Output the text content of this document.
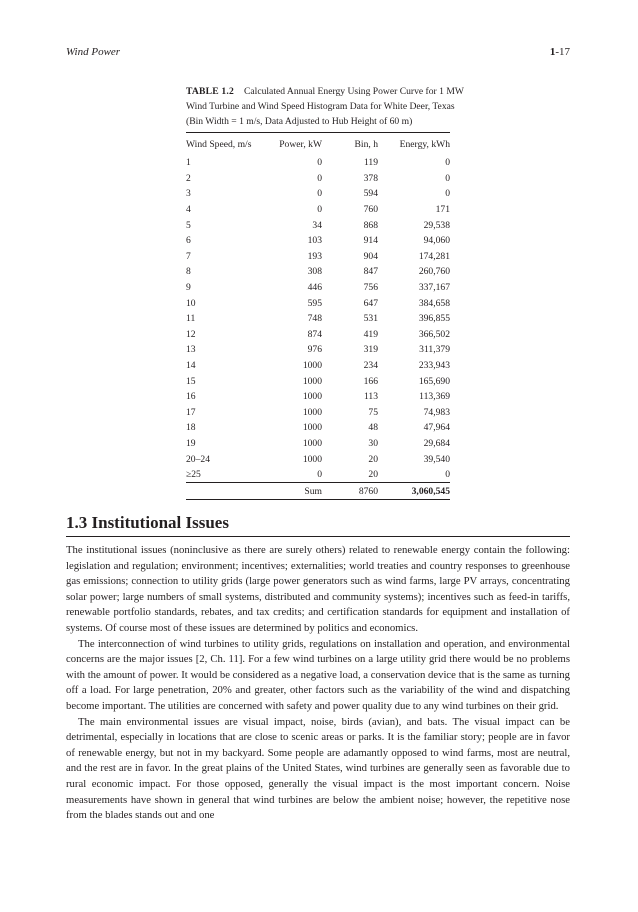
Wind Power	1-17
TABLE 1.2 Calculated Annual Energy Using Power Curve for 1 MW Wind Turbine and Wind Speed Histogram Data for White Deer, Texas (Bin Width = 1 m/s, Data Adjusted to Hub Height of 60 m)
Wind Speed, m/s	Power, kW	Bin, h	Energy, kWh
1	0	119	0
2	0	378	0
3	0	594	0
4	0	760	171
5	34	868	29,538
6	103	914	94,060
7	193	904	174,281
8	308	847	260,760
9	446	756	337,167
10	595	647	384,658
11	748	531	396,855
12	874	419	366,502
13	976	319	311,379
14	1000	234	233,943
15	1000	166	165,690
16	1000	113	113,369
17	1000	75	74,983
18	1000	48	47,964
19	1000	30	29,684
20–24	1000	20	39,540
≥25	0	20	0
	Sum	8760	3,060,545
1.3 Institutional Issues

The institutional issues (noninclusive as there are surely others) related to renewable energy contain the following: legislation and regulation; environment; incentives; externalities; world treaties and country responses to greenhouse gas emissions; connection to utility grids (large power generators such as wind farms, large PV arrays, concentrating solar power; large numbers of small systems, distributed and community systems); incentives such as feed-in tariffs, renewable portfolio standards, rebates, and tax credits; and certification standards for equipment and installation of systems. Of course most of these issues are determined by politics and economics.

The interconnection of wind turbines to utility grids, regulations on installation and operation, and environmental concerns are the major issues [2, Ch. 11]. For a few wind turbines on a large utility grid there would be no problems with the amount of power. It would be considered as a negative load, a conservation device that is the same as turning off a load. For large penetration, 20% and greater, other factors such as the variability of the wind and dispatching become important. The utilities are concerned with safety and power quality due to any wind turbines on their grid.

The main environmental issues are visual impact, noise, birds (avian), and bats. The visual impact can be detrimental, especially in locations that are close to scenic areas or parks. It is the familiar story; people are in favor of renewable energy, but not in my backyard. Some people are adamantly opposed to wind farms, most are neutral, and the rest are in favor. In the great plains of the United States, wind turbines are generally seen as favorable due to rural economic impact. For those opposed, generally the visual impact is the most important concern. Noise measurements have shown in general that wind turbines are below the ambient noise; however, the repetitive nose from the blades stands out and one
